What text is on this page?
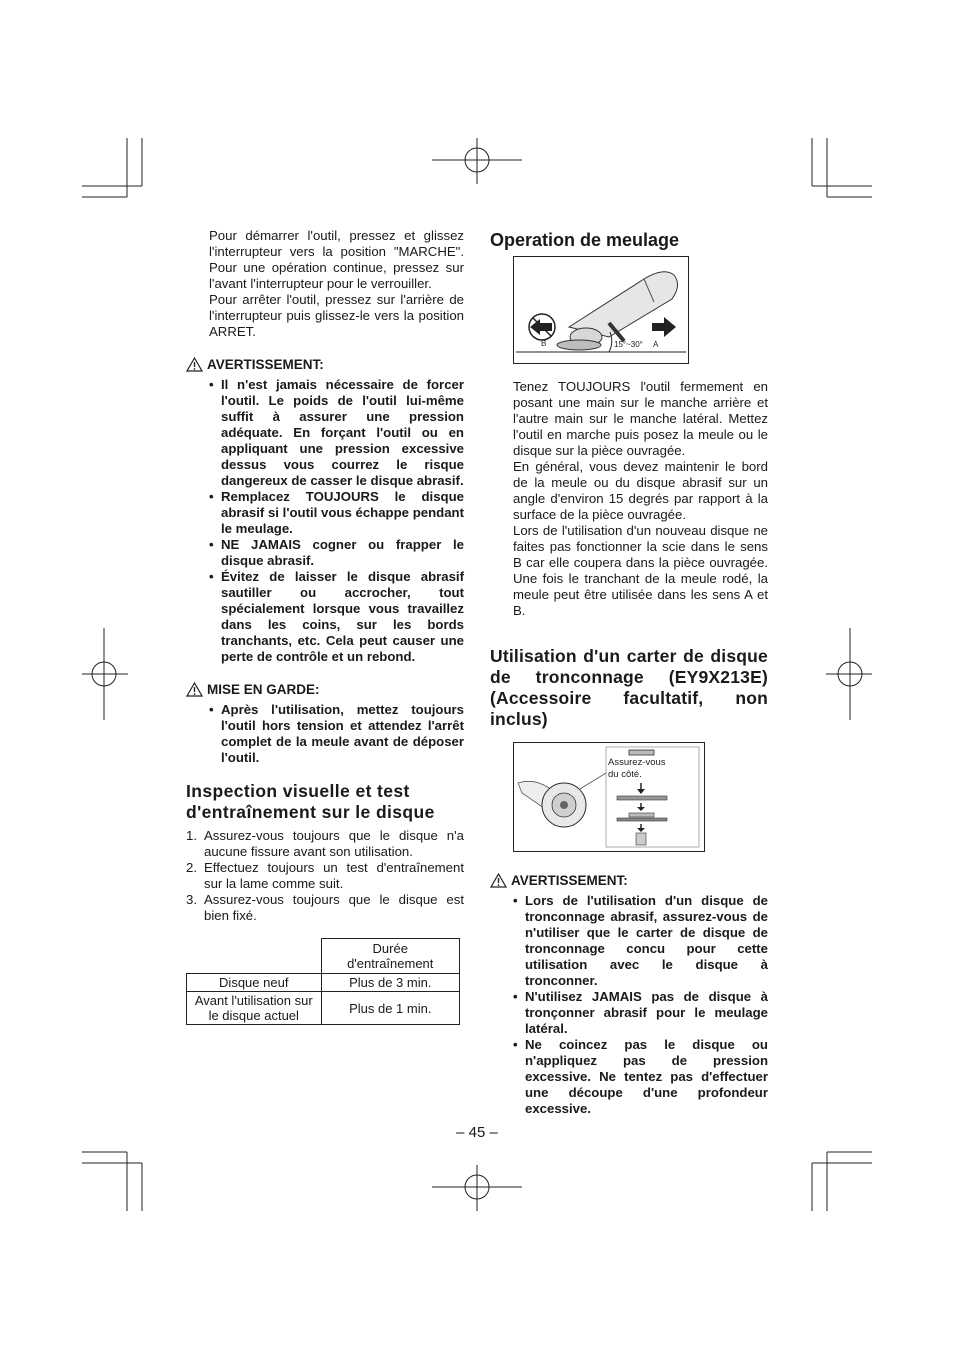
Pour démarrer l'outil, pressez et glissez l'interrupteur vers la position "MARCHE". Pour une opération continue, pressez sur l'avant l'interrupteur pour le verrouiller.

Pour arrêter l'outil, pressez sur l'arrière de l'interrupteur puis glissez-le vers la position ARRET.

AVERTISSEMENT:
• Il n'est jamais nécessaire de forcer l'outil. Le poids de l'outil lui-même suffit à assurer une pression adéquate. En forçant l'outil ou en appliquant une pression excessive dessus vous courrez le risque dangereux de casser le disque abrasif.
• Remplacez TOUJOURS le disque abrasif si l'outil vous échappe pendant le meulage.
• NE JAMAIS cogner ou frapper le disque abrasif.
• Évitez de laisser le disque abrasif sautiller ou accrocher, tout spécialement lorsque vous travaillez dans les coins, sur les bords tranchants, etc. Cela peut causer une perte de contrôle et un rebond.
MISE EN GARDE:
• Après l'utilisation, mettez toujours l'outil hors tension et attendez l'arrêt complet de la meule avant de déposer l'outil.
Inspection visuelle et test d'entraînement sur le disque
1. Assurez-vous toujours que le disque n'a aucune fissure avant son utilisation.
2. Effectuez toujours un test d'entraînement sur la lame comme suit.
3. Assurez-vous toujours que le disque est bien fixé.
	Durée d'entraînement
Disque neuf	Plus de 3 min.
Avant l'utilisation sur le disque actuel	Plus de 1 min.
Operation de meulage
B	15°~30° A

Tenez TOUJOURS l'outil fermement en posant une main sur le manche arrière et l'autre main sur le manche latéral. Mettez l'outil en marche puis posez la meule ou le disque sur la pièce ouvragée.

En général, vous devez maintenir le bord de la meule ou du disque abrasif sur un angle d'environ 15 degrés par rapport à la surface de la pièce ouvragée.

Lors de l'utilisation d'un nouveau disque ne faites pas fonctionner la scie dans le sens B car elle coupera dans la pièce ouvragée. Une fois le tranchant de la meule rodé, la meule peut être utilisée dans les sens A et B.

Utilisation d'un carter de disque de tronconnage (EY9X213E) (Accessoire facultatif, non inclus)
Assurez-vous
du côté.
AVERTISSEMENT:
• Lors de l'utilisation d'un disque de tronconnage abrasif, assurez-vous de n'utiliser que le carter de disque de tronconnage concu pour cette utilisation avec le disque à tronconner.
• N'utilisez JAMAIS pas de disque à tronçonner abrasif pour le meulage latéral.
• Ne coincez pas le disque ou n'appliquez pas de pression excessive. Ne tentez pas d'effectuer une découpe d'une profondeur excessive.
– 45 –
